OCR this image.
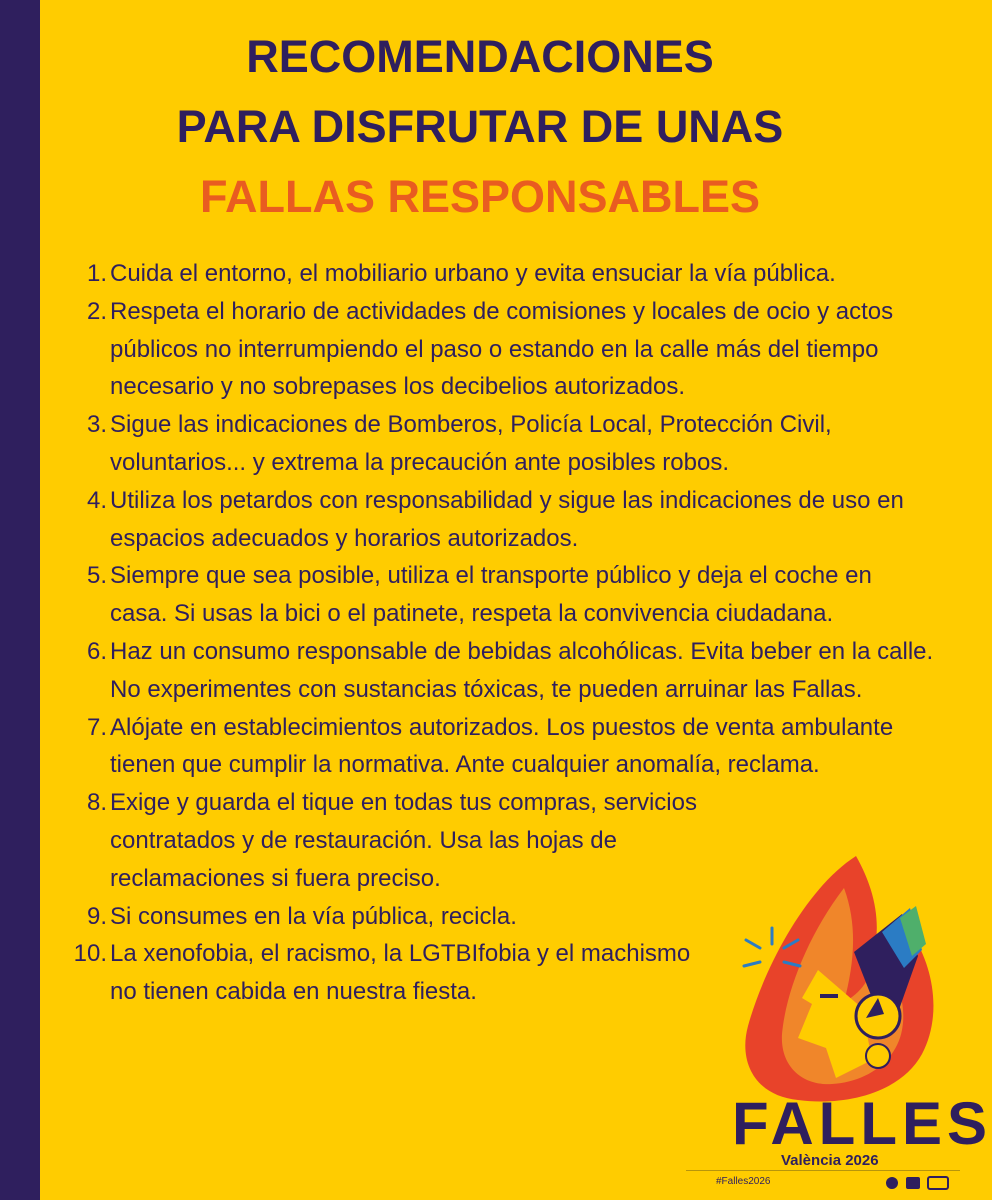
RECOMENDACIONES
PARA DISFRUTAR DE UNAS
FALLAS RESPONSABLES
1. Cuida el entorno, el mobiliario urbano y evita ensuciar la vía pública.
2. Respeta el horario de actividades de comisiones y locales de ocio y actos públicos no interrumpiendo el paso o estando en la calle más del tiempo necesario y no sobrepases los decibelios autorizados.
3. Sigue las indicaciones de Bomberos, Policía Local, Protección Civil, voluntarios... y extrema la precaución ante posibles robos.
4. Utiliza los petardos con responsabilidad y sigue las indicaciones de uso en espacios adecuados y horarios autorizados.
5. Siempre que sea posible, utiliza el transporte público y deja el coche en casa. Si usas la bici o el patinete, respeta la convivencia ciudadana.
6. Haz un consumo responsable de bebidas alcohólicas. Evita beber en la calle. No experimentes con sustancias tóxicas, te pueden arruinar las Fallas.
7. Alójate en establecimientos autorizados. Los puestos de venta ambulante tienen que cumplir la normativa. Ante cualquier anomalía, reclama.
8. Exige y guarda el tique en todas tus compras, servicios contratados y de restauración. Usa las hojas de reclamaciones si fuera preciso.
9. Si consumes en la vía pública, recicla.
10. La xenofobia, el racismo, la LGTBIfobia y el machismo no tienen cabida en nuestra fiesta.
FALLES
València 2026
#Falles2026
